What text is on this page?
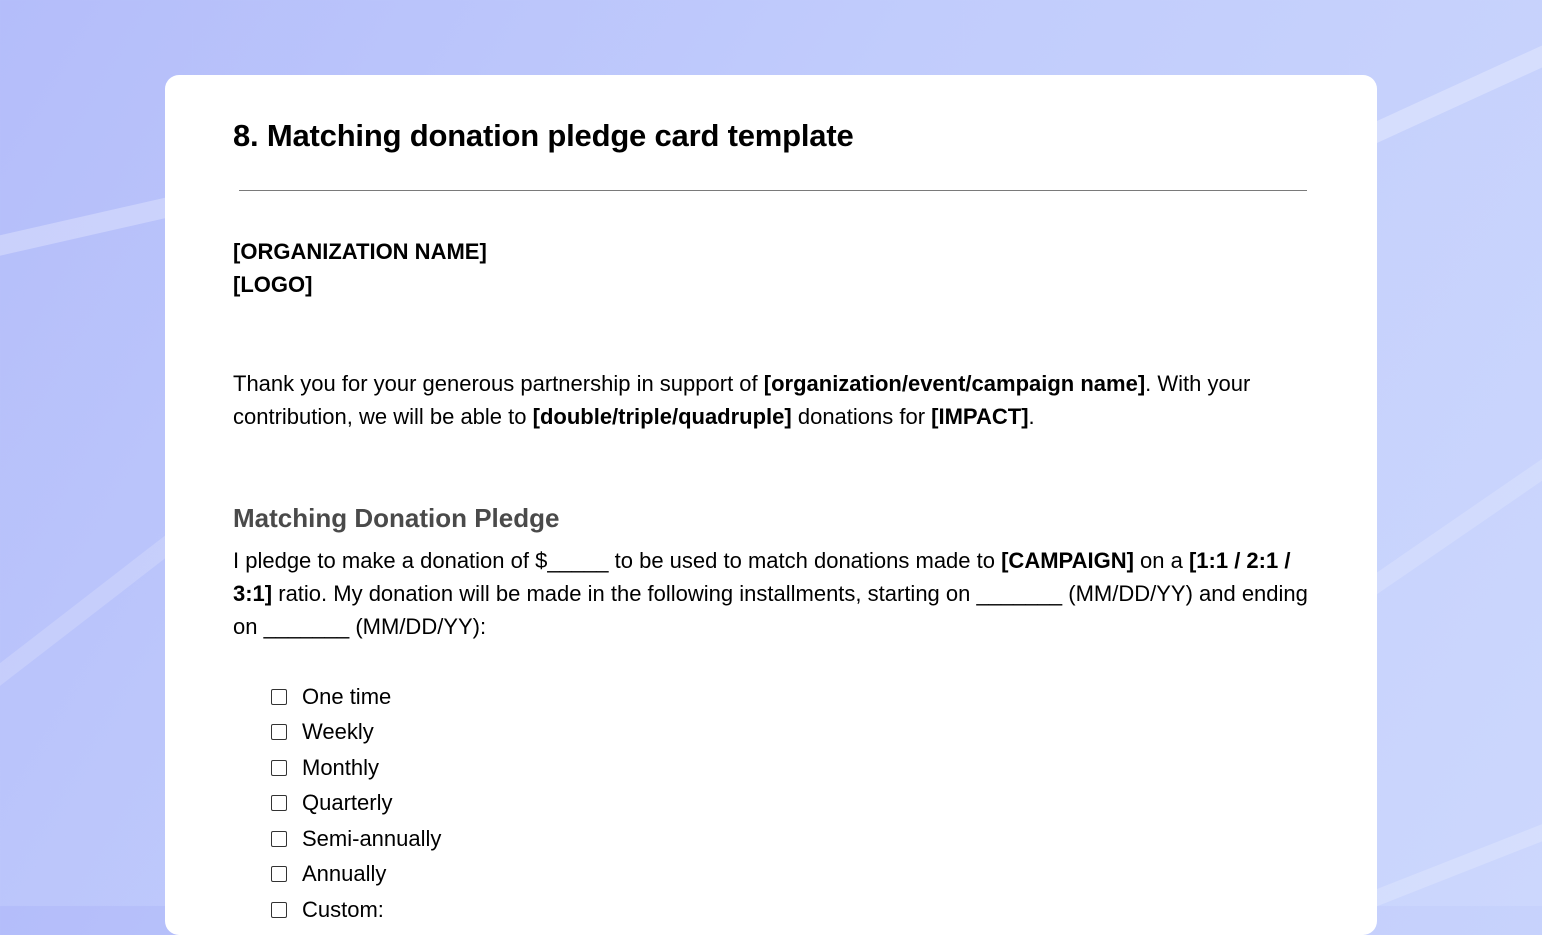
8. Matching donation pledge card template
[ORGANIZATION NAME]
[LOGO]

Thank you for your generous partnership in support of [organization/event/campaign name]. With your contribution, we will be able to [double/triple/quadruple] donations for [IMPACT].

Matching Donation Pledge

I pledge to make a donation of $_____ to be used to match donations made to [CAMPAIGN] on a [1:1 / 2:1 / 3:1] ratio. My donation will be made in the following installments, starting on _______ (MM/DD/YY) and ending on _______ (MM/DD/YY):

One time
Weekly
Monthly
Quarterly
Semi-annually
Annually
Custom:
